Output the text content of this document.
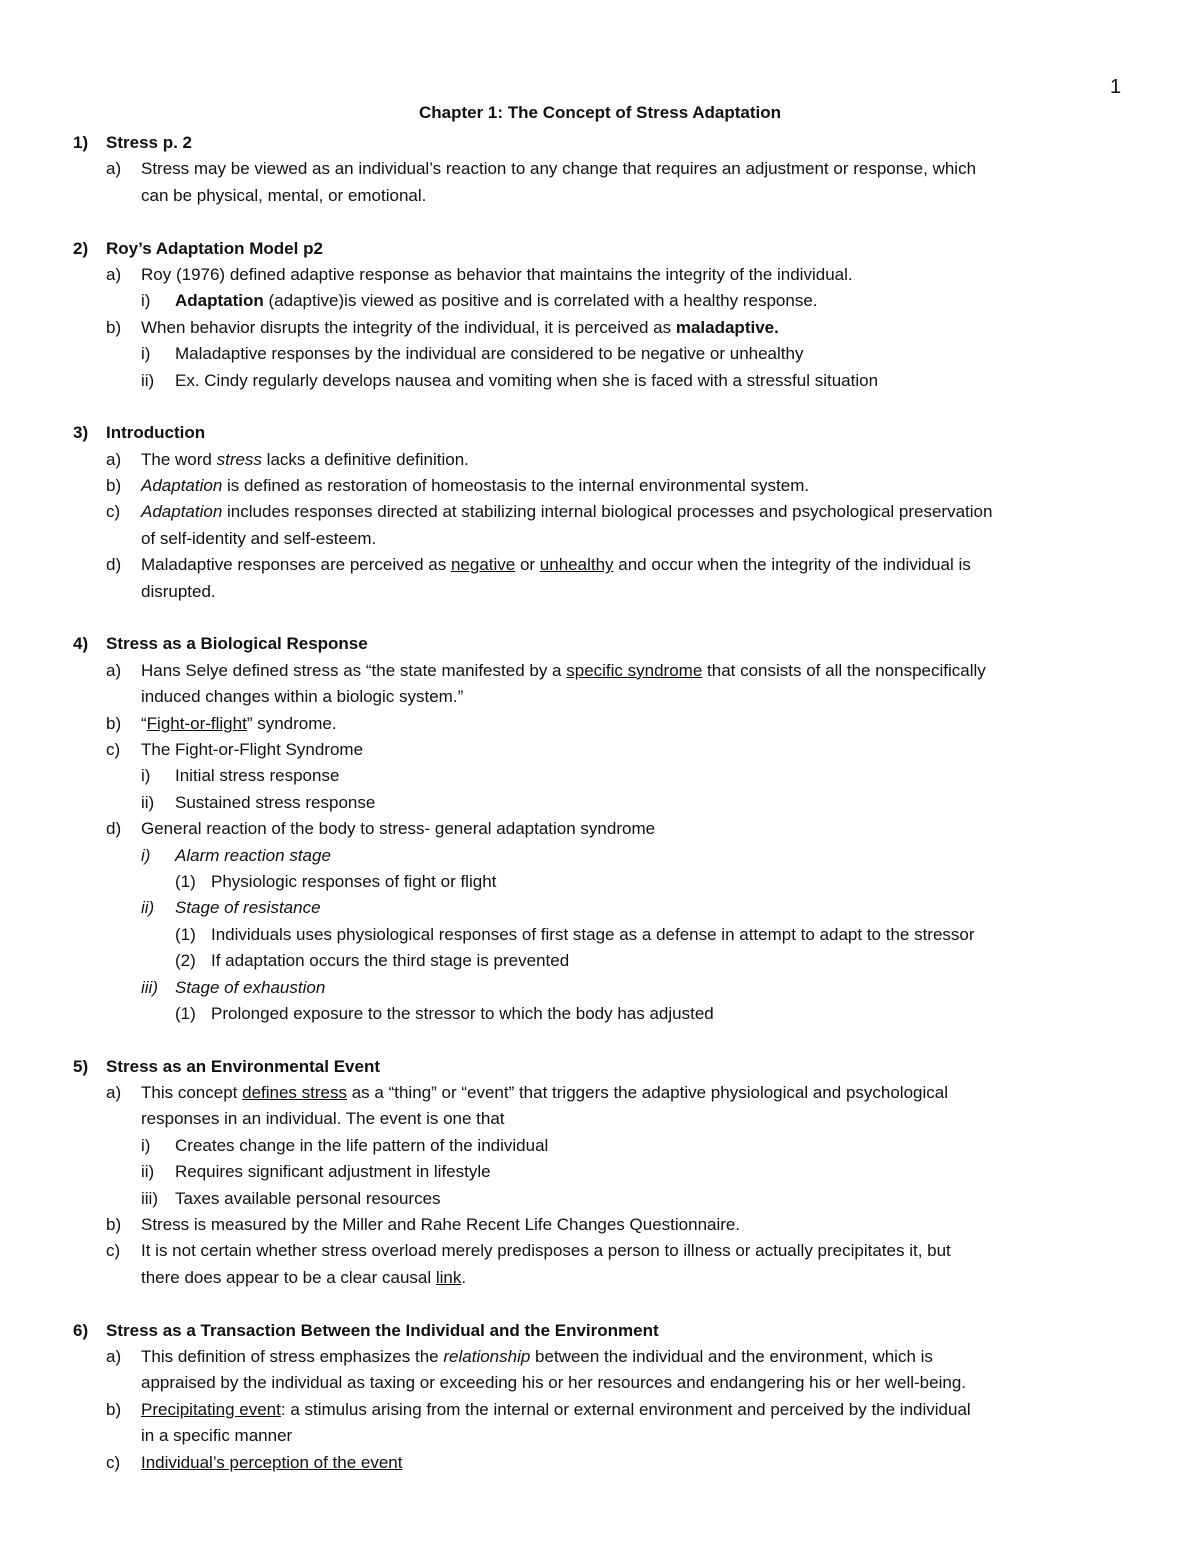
1
Chapter 1: The Concept of Stress Adaptation
1) Stress p. 2
a) Stress may be viewed as an individual’s reaction to any change that requires an adjustment or response, which
can be physical, mental, or emotional.
2) Roy’s Adaptation Model p2
a) Roy (1976) defined adaptive response as behavior that maintains the integrity of the individual.
i) Adaptation (adaptive)is viewed as positive and is correlated with a healthy response.
b) When behavior disrupts the integrity of the individual, it is perceived as maladaptive.
i) Maladaptive responses by the individual are considered to be negative or unhealthy
ii) Ex. Cindy regularly develops nausea and vomiting when she is faced with a stressful situation
3) Introduction
a) The word stress lacks a definitive definition.
b) Adaptation is defined as restoration of homeostasis to the internal environmental system.
c) Adaptation includes responses directed at stabilizing internal biological processes and psychological preservation
of self-identity and self-esteem.
d) Maladaptive responses are perceived as negative or unhealthy and occur when the integrity of the individual is
disrupted.
4) Stress as a Biological Response
a) Hans Selye defined stress as “the state manifested by a specific syndrome that consists of all the nonspecifically
induced changes within a biologic system.”
b) “Fight-or-flight” syndrome.
c) The Fight-or-Flight Syndrome
i) Initial stress response
ii) Sustained stress response
d) General reaction of the body to stress- general adaptation syndrome
i) Alarm reaction stage
(1) Physiologic responses of fight or flight
ii) Stage of resistance
(1) Individuals uses physiological responses of first stage as a defense in attempt to adapt to the stressor
(2) If adaptation occurs the third stage is prevented
iii) Stage of exhaustion
(1) Prolonged exposure to the stressor to which the body has adjusted
5) Stress as an Environmental Event
a) This concept defines stress as a “thing” or “event” that triggers the adaptive physiological and psychological
responses in an individual. The event is one that
i) Creates change in the life pattern of the individual
ii) Requires significant adjustment in lifestyle
iii) Taxes available personal resources
b) Stress is measured by the Miller and Rahe Recent Life Changes Questionnaire.
c) It is not certain whether stress overload merely predisposes a person to illness or actually precipitates it, but
there does appear to be a clear causal link.
6) Stress as a Transaction Between the Individual and the Environment
a) This definition of stress emphasizes the relationship between the individual and the environment, which is
appraised by the individual as taxing or exceeding his or her resources and endangering his or her well-being.
b) Precipitating event: a stimulus arising from the internal or external environment and perceived by the individual
in a specific manner
c) Individual’s perception of the event
